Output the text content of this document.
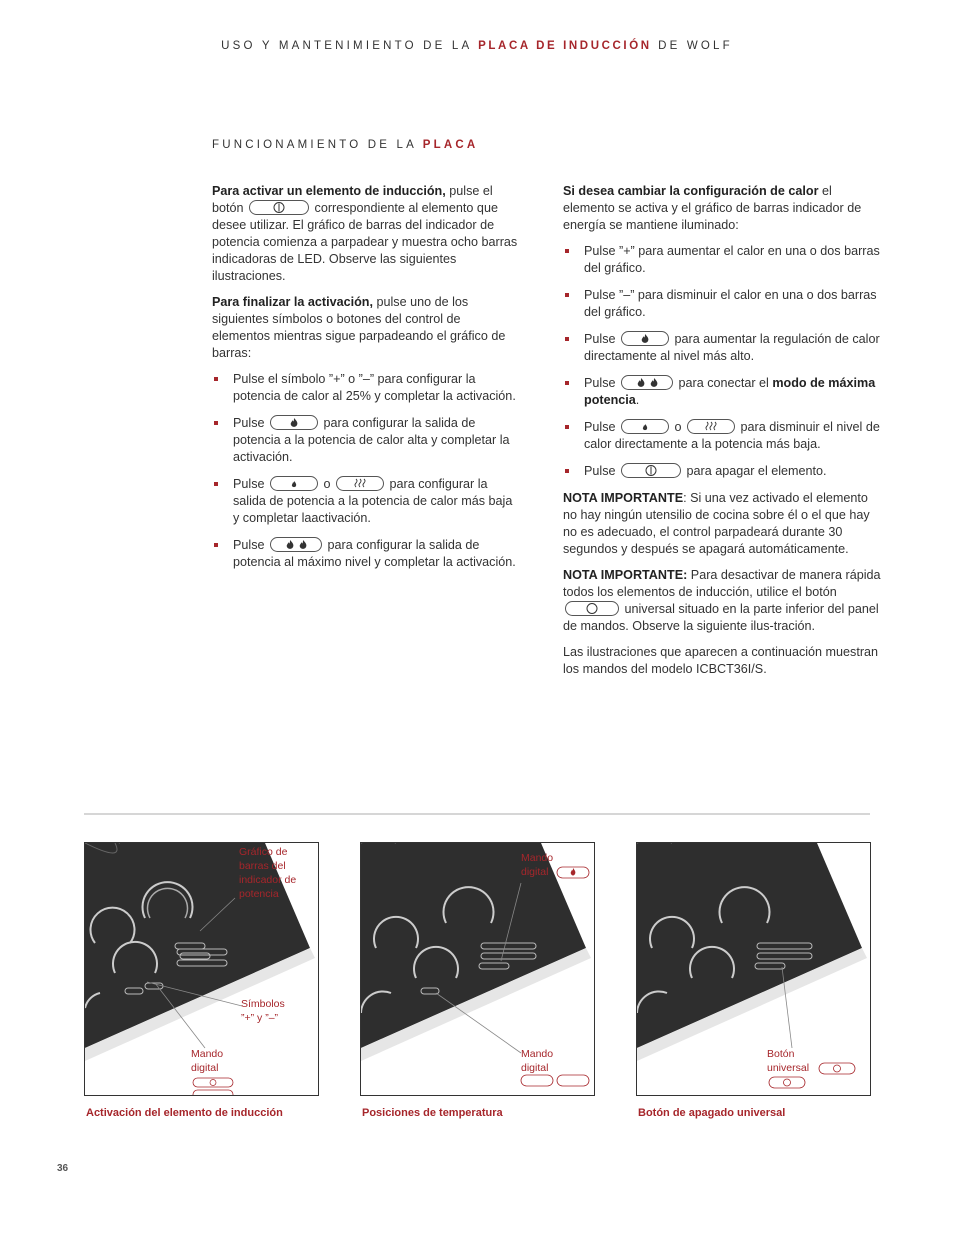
USO Y MANTENIMIENTO DE LA PLACA DE INDUCCIÓN DE WOLF
FUNCIONAMIENTO DE LA PLACA

Para activar un elemento de inducción, pulse el botón	correspondiente al elemento que desee utilizar. El gráfico de barras del indicador de potencia comienza a parpadear y muestra ocho barras indicadoras de LED. Observe las siguientes ilustraciones.

Para finalizar la activación, pulse uno de los siguientes símbolos o botones del control de elementos mientras sigue parpadeando el gráfico de barras:

Pulse el símbolo ”+” o ”–” para configurar la potencia de calor al 25% y completar la activación.
Pulse	para configurar la salida de potencia a la potencia de calor alta y completar la activación.
Pulse	o	para configurar la salida de potencia a la potencia de calor más baja y completar laactivación.
Pulse	para configurar la salida de potencia al máximo nivel y completar la activación.

Si desea cambiar la configuración de calor el elemento se activa y el gráfico de barras indicador de energía se mantiene iluminado:

Pulse ”+” para aumentar el calor en una o dos barras del gráfico.
Pulse ”–” para disminuir el calor en una o dos barras del gráfico.
Pulse	para aumentar la regulación de calor directamente al nivel más alto.
Pulse	para conectar el modo de máxima potencia.
Pulse	o	para disminuir el nivel de calor directamente a la potencia más baja.
Pulse	para apagar el elemento.

NOTA IMPORTANTE: Si una vez activado el elemento no hay ningún utensilio de cocina sobre él o el que hay no es adecuado, el control parpadeará durante 30 segundos y después se apagará automáticamente.

NOTA IMPORTANTE: Para desactivar de manera rápida todos los elementos de inducción, utilice el botón
universal situado en la parte inferior del panel de mandos. Observe la siguiente ilus-tración.

Las ilustraciones que aparecen a continuación muestran los mandos del modelo ICBCT36I/S.

Gráfico de
barras del
indicador de
potencia
Símbolos
”+” y ”–”
Mando
digital
Activación del elemento de inducción
Mando
digital
Mando
digital
Posiciones de temperatura
Botón
universal
Botón de apagado universal
36
